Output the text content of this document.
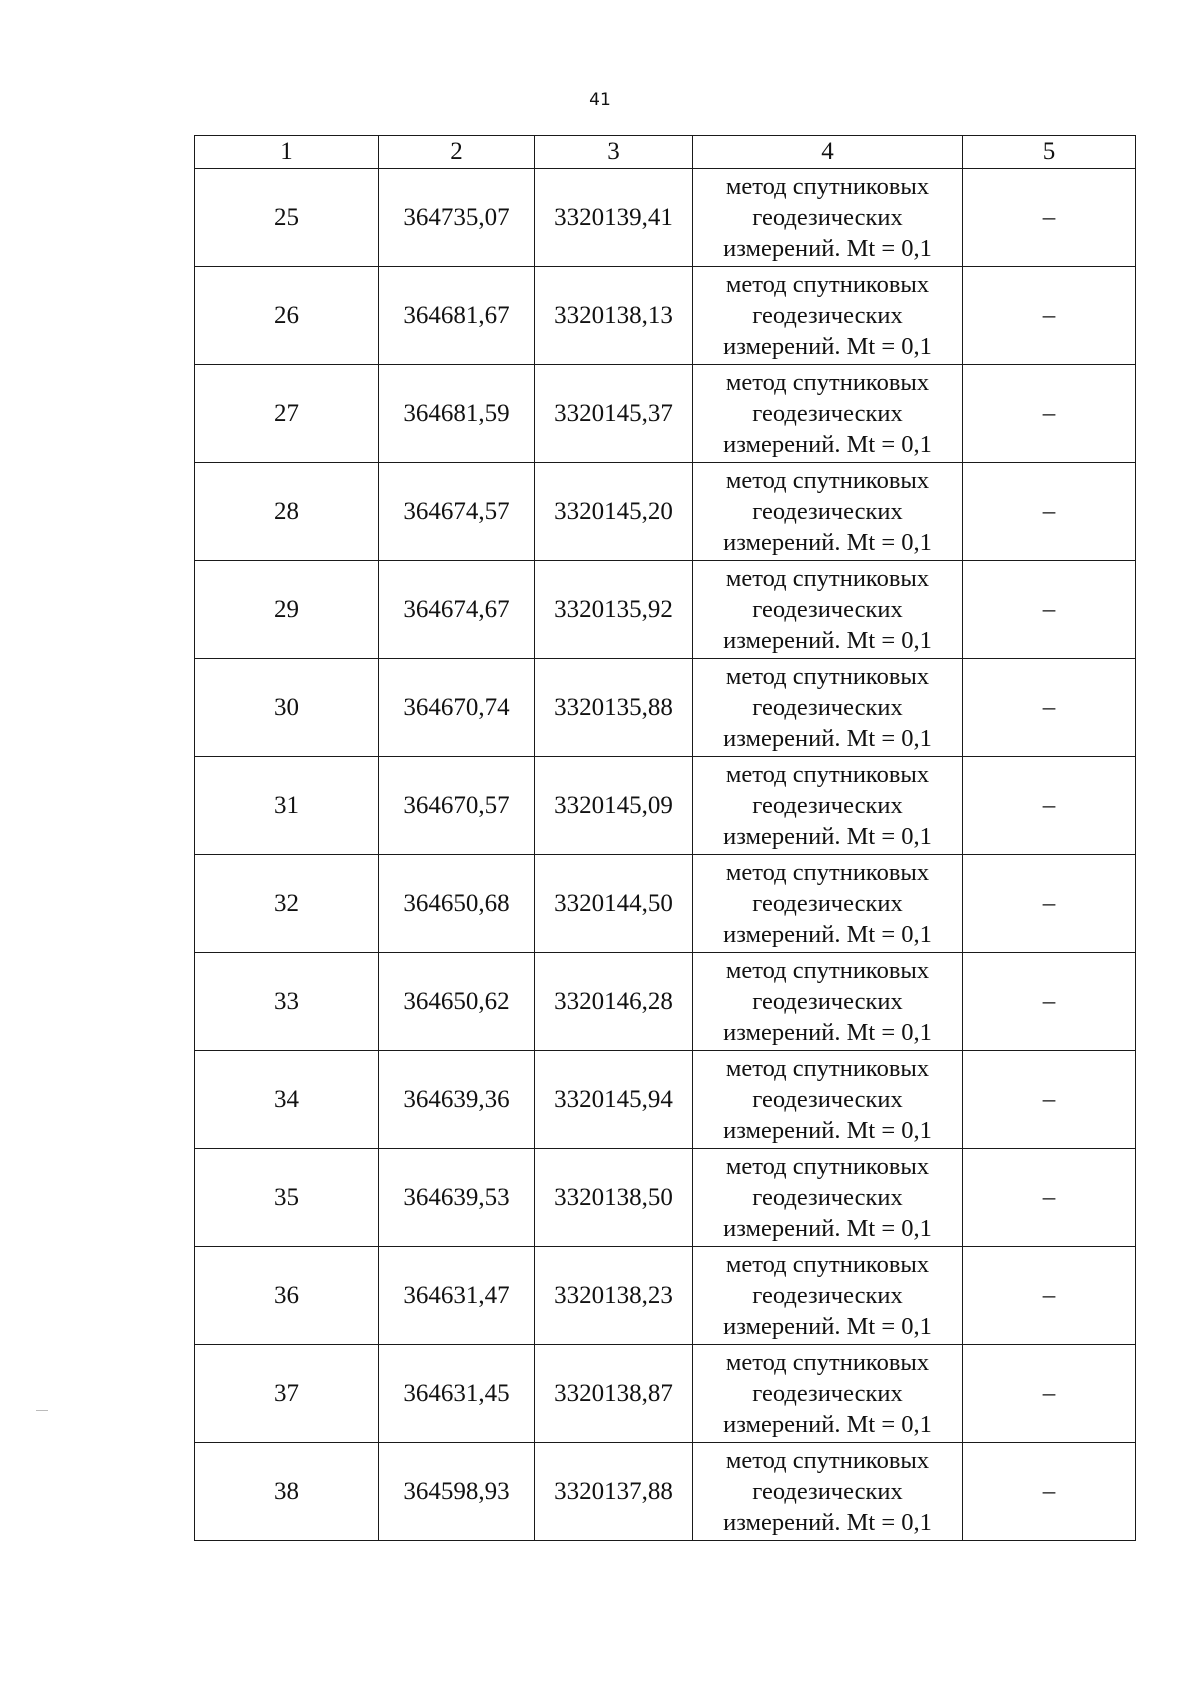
41
1	2	3	4	5
25	364735,07	3320139,41	метод спутниковых
геодезических
измерений. Mt = 0,1	–
26	364681,67	3320138,13	метод спутниковых
геодезических
измерений. Mt = 0,1	–
27	364681,59	3320145,37	метод спутниковых
геодезических
измерений. Mt = 0,1	–
28	364674,57	3320145,20	метод спутниковых
геодезических
измерений. Mt = 0,1	–
29	364674,67	3320135,92	метод спутниковых
геодезических
измерений. Mt = 0,1	–
30	364670,74	3320135,88	метод спутниковых
геодезических
измерений. Mt = 0,1	–
31	364670,57	3320145,09	метод спутниковых
геодезических
измерений. Mt = 0,1	–
32	364650,68	3320144,50	метод спутниковых
геодезических
измерений. Mt = 0,1	–
33	364650,62	3320146,28	метод спутниковых
геодезических
измерений. Mt = 0,1	–
34	364639,36	3320145,94	метод спутниковых
геодезических
измерений. Mt = 0,1	–
35	364639,53	3320138,50	метод спутниковых
геодезических
измерений. Mt = 0,1	–
36	364631,47	3320138,23	метод спутниковых
геодезических
измерений. Mt = 0,1	–
37	364631,45	3320138,87	метод спутниковых
геодезических
измерений. Mt = 0,1	–
38	364598,93	3320137,88	метод спутниковых
геодезических
измерений. Mt = 0,1	–
